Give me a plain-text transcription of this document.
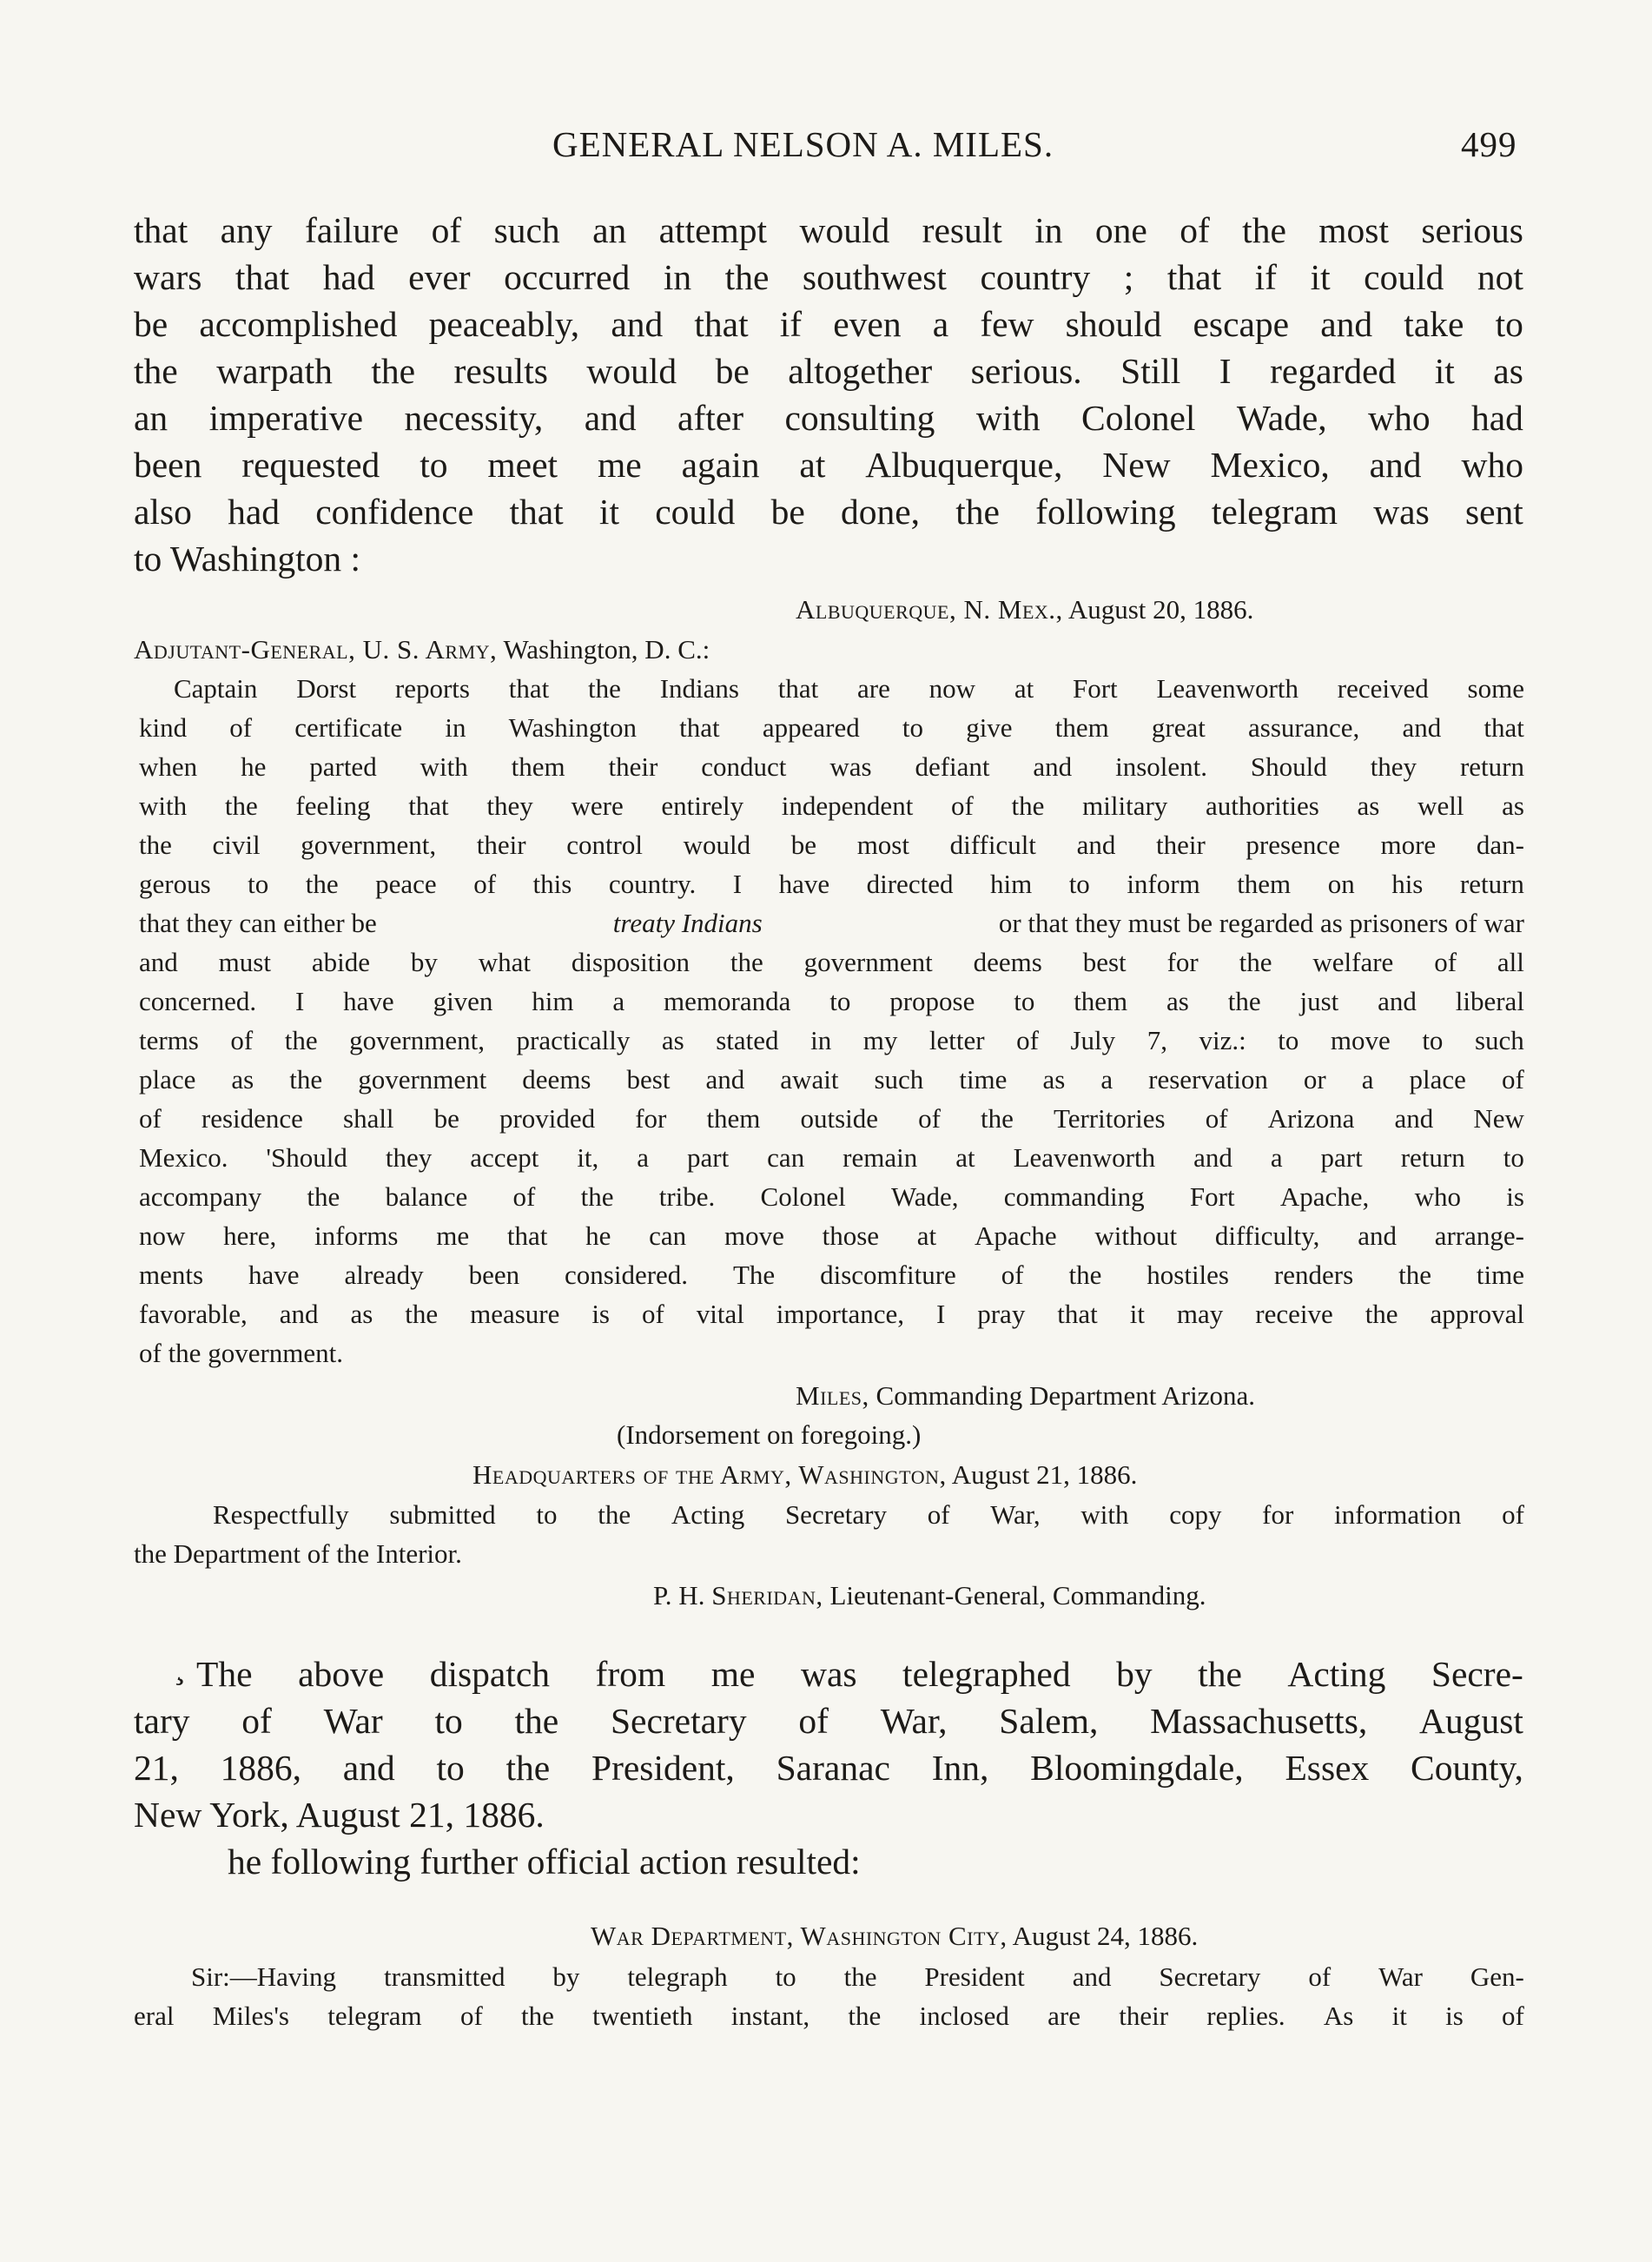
GENERAL NELSON A. MILES.	499
that any failure of such an attempt would result in one of the most serious
wars that had ever occurred in the southwest country ; that if it could not
be accomplished peaceably, and that if even a few should escape and take to
the warpath the results would be altogether serious. Still I regarded it as
an imperative necessity, and after consulting with Colonel Wade, who had
been requested to meet me again at Albuquerque, New Mexico, and who
also had confidence that it could be done, the following telegram was sent
to Washington :
Albuquerque, N. Mex., August 20, 1886.
Adjutant-General, U. S. Army, Washington, D. C.:
Captain Dorst reports that the Indians that are now at Fort Leavenworth received some
kind of certificate in Washington that appeared to give them great assurance, and that
when he parted with them their conduct was defiant and insolent. Should they return
with the feeling that they were entirely independent of the military authorities as well as
the civil government, their control would be most difficult and their presence more dan-
gerous to the peace of this country. I have directed him to inform them on his return
that they can either be	treaty Indians	or that they must be regarded as prisoners of war
and must abide by what disposition the government deems best for the welfare of all
concerned. I have given him a memoranda to propose to them as the just and liberal
terms of the government, practically as stated in my letter of July 7, viz.: to move to such
place as the government deems best and await such time as a reservation or a place of
of residence shall be provided for them outside of the Territories of Arizona and New
Mexico. 'Should they accept it, a part can remain at Leavenworth and a part return to
accompany the balance of the tribe. Colonel Wade, commanding Fort Apache, who is
now here, informs me that he can move those at Apache without difficulty, and arrange-
ments have already been considered. The discomfiture of the hostiles renders the time
favorable, and as the measure is of vital importance, I pray that it may receive the approval
of the government.
Miles, Commanding Department Arizona.
(Indorsement on foregoing.)
Headquarters of the Army, Washington, August 21, 1886.
Respectfully submitted to the Acting Secretary of War, with copy for information of
the Department of the Interior.
P. H. Sheridan, Lieutenant-General, Commanding.
¸ The above dispatch from me was telegraphed by the Acting Secre-
tary of War to the Secretary of War, Salem, Massachusetts, August
21, 1886, and to the President, Saranac Inn, Bloomingdale, Essex County,
New York, August 21, 1886.
he following further official action resulted:
War Department, Washington City, August 24, 1886.
Sir:—Having transmitted by telegraph to the President and Secretary of War Gen-
eral Miles's telegram of the twentieth instant, the inclosed are their replies. As it is of
